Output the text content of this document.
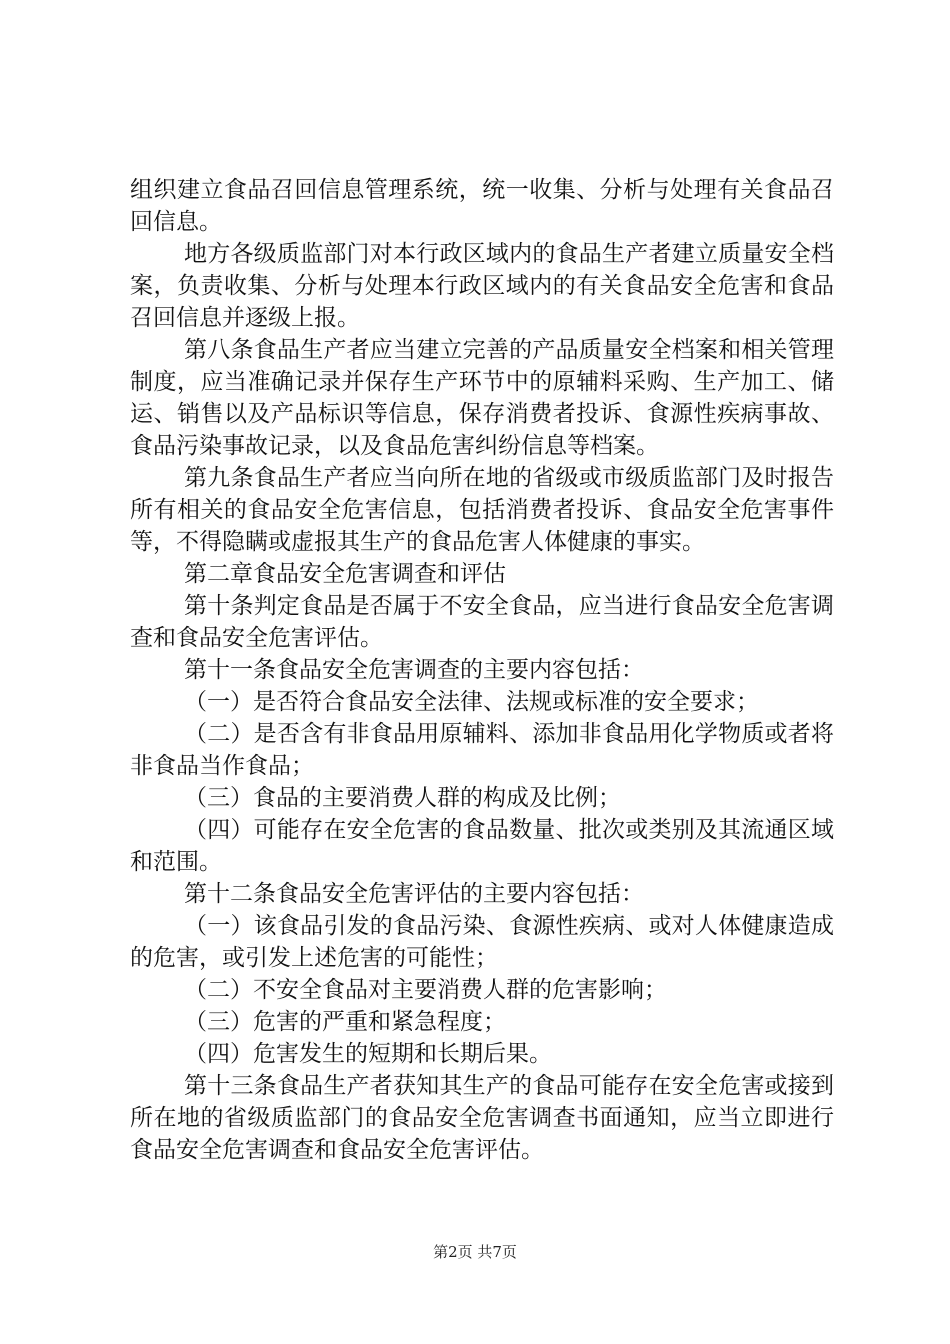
组织建立食品召回信息管理系统，统一收集、分析与处理有关食品召回信息。

地方各级质监部门对本行政区域内的食品生产者建立质量安全档案，负责收集、分析与处理本行政区域内的有关食品安全危害和食品召回信息并逐级上报。

第八条食品生产者应当建立完善的产品质量安全档案和相关管理制度，应当准确记录并保存生产环节中的原辅料采购、生产加工、储运、销售以及产品标识等信息，保存消费者投诉、食源性疾病事故、食品污染事故记录，以及食品危害纠纷信息等档案。

第九条食品生产者应当向所在地的省级或市级质监部门及时报告所有相关的食品安全危害信息，包括消费者投诉、食品安全危害事件等，不得隐瞒或虚报其生产的食品危害人体健康的事实。

第二章食品安全危害调查和评估

第十条判定食品是否属于不安全食品，应当进行食品安全危害调查和食品安全危害评估。

第十一条食品安全危害调查的主要内容包括：

（一）是否符合食品安全法律、法规或标准的安全要求；

（二）是否含有非食品用原辅料、添加非食品用化学物质或者将非食品当作食品；

（三）食品的主要消费人群的构成及比例；

（四）可能存在安全危害的食品数量、批次或类别及其流通区域和范围。

第十二条食品安全危害评估的主要内容包括：

（一）该食品引发的食品污染、食源性疾病、或对人体健康造成的危害，或引发上述危害的可能性；

（二）不安全食品对主要消费人群的危害影响；

（三）危害的严重和紧急程度；

（四）危害发生的短期和长期后果。

第十三条食品生产者获知其生产的食品可能存在安全危害或接到所在地的省级质监部门的食品安全危害调查书面通知，应当立即进行食品安全危害调查和食品安全危害评估。

第2页 共7页
